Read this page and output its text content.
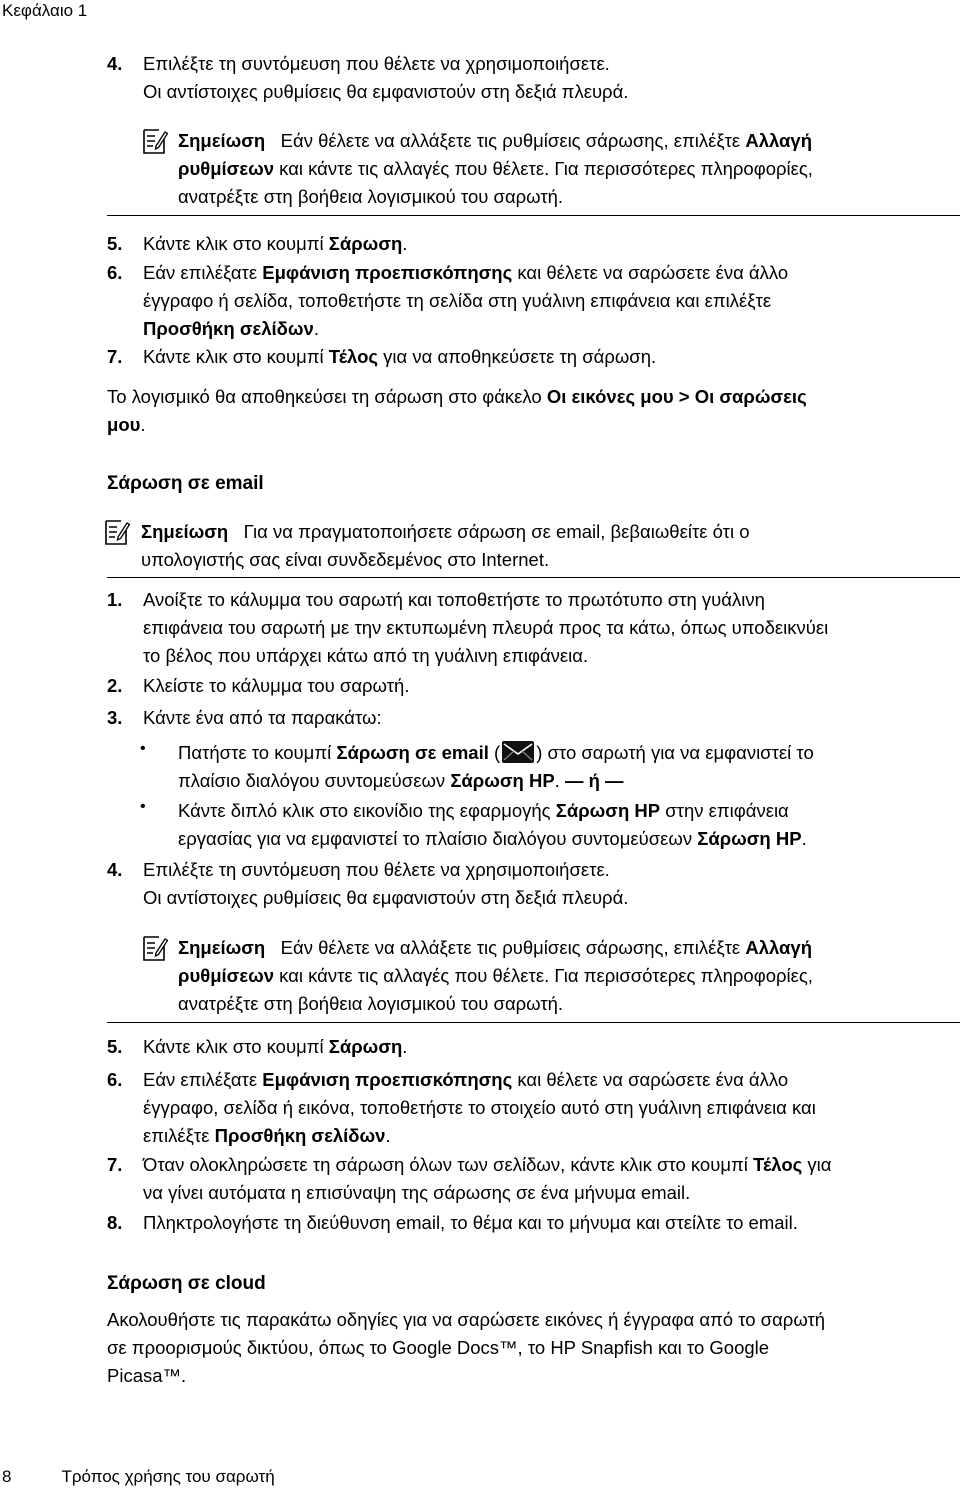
Κεφάλαιο 1
4. Επιλέξτε τη συντόμευση που θέλετε να χρησιμοποιήσετε.
Οι αντίστοιχες ρυθμίσεις θα εμφανιστούν στη δεξιά πλευρά.
Σημείωση Εάν θέλετε να αλλάξετε τις ρυθμίσεις σάρωσης, επιλέξτε Αλλαγή
ρυθμίσεων και κάντε τις αλλαγές που θέλετε. Για περισσότερες πληροφορίες,
ανατρέξτε στη βοήθεια λογισμικού του σαρωτή.
5. Κάντε κλικ στο κουμπί Σάρωση.
6. Εάν επιλέξατε Εμφάνιση προεπισκόπησης και θέλετε να σαρώσετε ένα άλλο
έγγραφο ή σελίδα, τοποθετήστε τη σελίδα στη γυάλινη επιφάνεια και επιλέξτε
Προσθήκη σελίδων.
7. Κάντε κλικ στο κουμπί Τέλος για να αποθηκεύσετε τη σάρωση.
Το λογισμικό θα αποθηκεύσει τη σάρωση στο φάκελο Οι εικόνες μου > Οι σαρώσεις
μου.
Σάρωση σε email
Σημείωση Για να πραγματοποιήσετε σάρωση σε email, βεβαιωθείτε ότι ο
υπολογιστής σας είναι συνδεδεμένος στο Internet.
1. Ανοίξτε το κάλυμμα του σαρωτή και τοποθετήστε το πρωτότυπο στη γυάλινη
επιφάνεια του σαρωτή με την εκτυπωμένη πλευρά προς τα κάτω, όπως υποδεικνύει
το βέλος που υπάρχει κάτω από τη γυάλινη επιφάνεια.
2. Κλείστε το κάλυμμα του σαρωτή.
3. Κάντε ένα από τα παρακάτω:
• Πατήστε το κουμπί Σάρωση σε email ( ) στο σαρωτή για να εμφανιστεί το
πλαίσιο διαλόγου συντομεύσεων Σάρωση HP. — ή —
• Κάντε διπλό κλικ στο εικονίδιο της εφαρμογής Σάρωση HP στην επιφάνεια
εργασίας για να εμφανιστεί το πλαίσιο διαλόγου συντομεύσεων Σάρωση HP.
4. Επιλέξτε τη συντόμευση που θέλετε να χρησιμοποιήσετε.
Οι αντίστοιχες ρυθμίσεις θα εμφανιστούν στη δεξιά πλευρά.
Σημείωση Εάν θέλετε να αλλάξετε τις ρυθμίσεις σάρωσης, επιλέξτε Αλλαγή
ρυθμίσεων και κάντε τις αλλαγές που θέλετε. Για περισσότερες πληροφορίες,
ανατρέξτε στη βοήθεια λογισμικού του σαρωτή.
5. Κάντε κλικ στο κουμπί Σάρωση.
6. Εάν επιλέξατε Εμφάνιση προεπισκόπησης και θέλετε να σαρώσετε ένα άλλο
έγγραφο, σελίδα ή εικόνα, τοποθετήστε το στοιχείο αυτό στη γυάλινη επιφάνεια και
επιλέξτε Προσθήκη σελίδων.
7. Όταν ολοκληρώσετε τη σάρωση όλων των σελίδων, κάντε κλικ στο κουμπί Τέλος για
να γίνει αυτόματα η επισύναψη της σάρωσης σε ένα μήνυμα email.
8. Πληκτρολογήστε τη διεύθυνση email, το θέμα και το μήνυμα και στείλτε το email.
Σάρωση σε cloud
Ακολουθήστε τις παρακάτω οδηγίες για να σαρώσετε εικόνες ή έγγραφα από το σαρωτή
σε προορισμούς δικτύου, όπως το Google Docs™, το HP Snapfish και το Google
Picasa™.
8	Τρόπος χρήσης του σαρωτή
